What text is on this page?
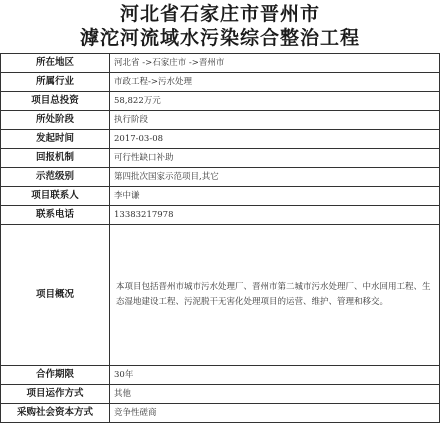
河北省石家庄市晋州市
滹沱河流域水污染综合整治工程
所在地区	河北省 ->石家庄市 ->晋州市
所属行业	市政工程->污水处理
项目总投资	58,822万元
所处阶段	执行阶段
发起时间	2017-03-08
回报机制	可行性缺口补助
示范级别	第四批次国家示范项目,其它
项目联系人	李中谦
联系电话	13383217978
项目概况	本项目包括晋州市城市污水处理厂、晋州市第二城市污水处理厂、中水回用工程、生态湿地建设工程、污泥脱干无害化处理项目的运营、维护、管理和移交。
合作期限	30年
项目运作方式	其他
采购社会资本方式	竞争性磋商
